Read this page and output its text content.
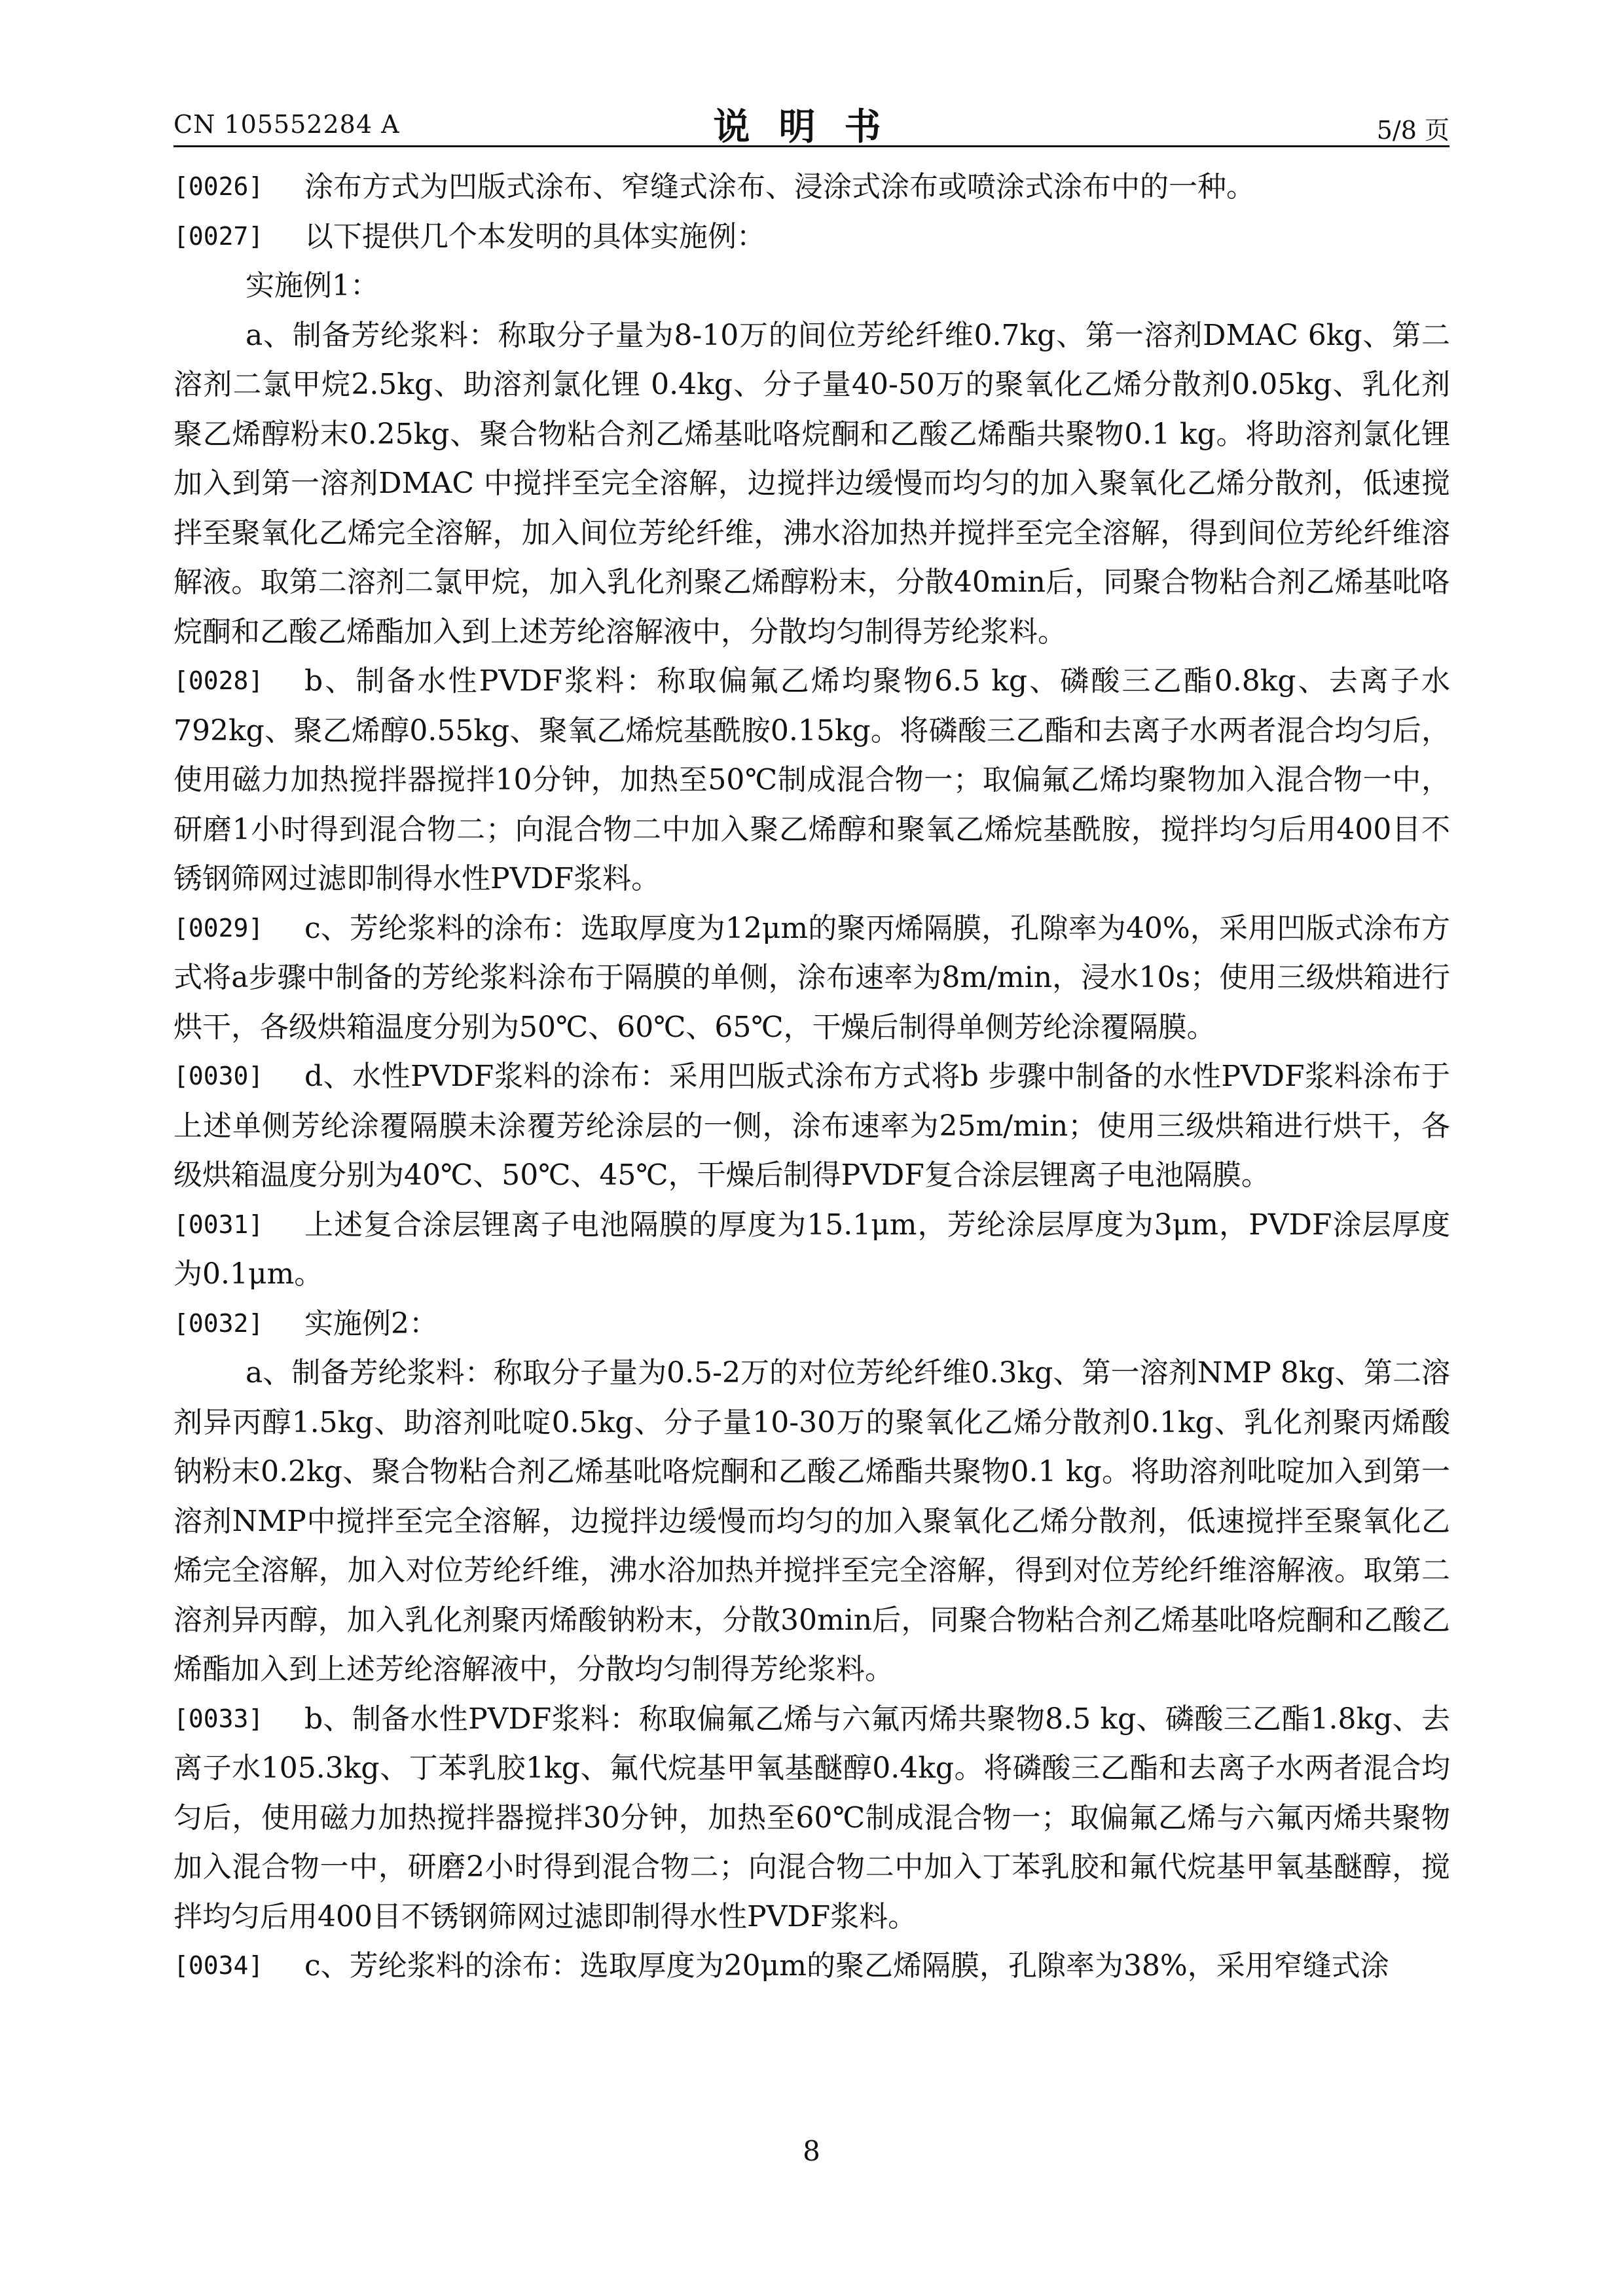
CN 105552284 A	说明书	5/8 页
[0026]	涂布方式为凹版式涂布、窄缝式涂布、浸涂式涂布或喷涂式涂布中的一种。
[0027]	以下提供几个本发明的具体实施例：
实施例1：
a、制备芳纶浆料：称取分子量为8-10万的间位芳纶纤维0.7kg、第一溶剂DMAC 6kg、第二溶剂二氯甲烷2.5kg、助溶剂氯化锂 0.4kg、分子量40-50万的聚氧化乙烯分散剂0.05kg、乳化剂聚乙烯醇粉末0.25kg、聚合物粘合剂乙烯基吡咯烷酮和乙酸乙烯酯共聚物0.1 kg。将助溶剂氯化锂加入到第一溶剂DMAC 中搅拌至完全溶解，边搅拌边缓慢而均匀的加入聚氧化乙烯分散剂，低速搅拌至聚氧化乙烯完全溶解，加入间位芳纶纤维，沸水浴加热并搅拌至完全溶解，得到间位芳纶纤维溶解液。取第二溶剂二氯甲烷，加入乳化剂聚乙烯醇粉末，分散40min后，同聚合物粘合剂乙烯基吡咯烷酮和乙酸乙烯酯加入到上述芳纶溶解液中，分散均匀制得芳纶浆料。
[0028]	b、制备水性PVDF浆料：称取偏氟乙烯均聚物6.5 kg、磷酸三乙酯0.8kg、去离子水792kg、聚乙烯醇0.55kg、聚氧乙烯烷基酰胺0.15kg。将磷酸三乙酯和去离子水两者混合均匀后，使用磁力加热搅拌器搅拌10分钟，加热至50℃制成混合物一；取偏氟乙烯均聚物加入混合物一中，研磨1小时得到混合物二；向混合物二中加入聚乙烯醇和聚氧乙烯烷基酰胺，搅拌均匀后用400目不锈钢筛网过滤即制得水性PVDF浆料。
[0029]	c、芳纶浆料的涂布：选取厚度为12μm的聚丙烯隔膜，孔隙率为40%，采用凹版式涂布方式将a步骤中制备的芳纶浆料涂布于隔膜的单侧，涂布速率为8m/min，浸水10s；使用三级烘箱进行烘干，各级烘箱温度分别为50℃、60℃、65℃，干燥后制得单侧芳纶涂覆隔膜。
[0030]	d、水性PVDF浆料的涂布：采用凹版式涂布方式将b 步骤中制备的水性PVDF浆料涂布于上述单侧芳纶涂覆隔膜未涂覆芳纶涂层的一侧，涂布速率为25m/min；使用三级烘箱进行烘干，各级烘箱温度分别为40℃、50℃、45℃，干燥后制得PVDF复合涂层锂离子电池隔膜。
[0031]	上述复合涂层锂离子电池隔膜的厚度为15.1μm，芳纶涂层厚度为3μm，PVDF涂层厚度为0.1μm。
[0032]	实施例2：
a、制备芳纶浆料：称取分子量为0.5-2万的对位芳纶纤维0.3kg、第一溶剂NMP 8kg、第二溶剂异丙醇1.5kg、助溶剂吡啶0.5kg、分子量10-30万的聚氧化乙烯分散剂0.1kg、乳化剂聚丙烯酸钠粉末0.2kg、聚合物粘合剂乙烯基吡咯烷酮和乙酸乙烯酯共聚物0.1 kg。将助溶剂吡啶加入到第一溶剂NMP中搅拌至完全溶解，边搅拌边缓慢而均匀的加入聚氧化乙烯分散剂，低速搅拌至聚氧化乙烯完全溶解，加入对位芳纶纤维，沸水浴加热并搅拌至完全溶解，得到对位芳纶纤维溶解液。取第二溶剂异丙醇，加入乳化剂聚丙烯酸钠粉末，分散30min后，同聚合物粘合剂乙烯基吡咯烷酮和乙酸乙烯酯加入到上述芳纶溶解液中，分散均匀制得芳纶浆料。
[0033]	b、制备水性PVDF浆料：称取偏氟乙烯与六氟丙烯共聚物8.5 kg、磷酸三乙酯1.8kg、去离子水105.3kg、丁苯乳胶1kg、氟代烷基甲氧基醚醇0.4kg。将磷酸三乙酯和去离子水两者混合均匀后，使用磁力加热搅拌器搅拌30分钟，加热至60℃制成混合物一；取偏氟乙烯与六氟丙烯共聚物加入混合物一中，研磨2小时得到混合物二；向混合物二中加入丁苯乳胶和氟代烷基甲氧基醚醇，搅拌均匀后用400目不锈钢筛网过滤即制得水性PVDF浆料。
[0034]	c、芳纶浆料的涂布：选取厚度为20μm的聚乙烯隔膜，孔隙率为38%，采用窄缝式涂
8
